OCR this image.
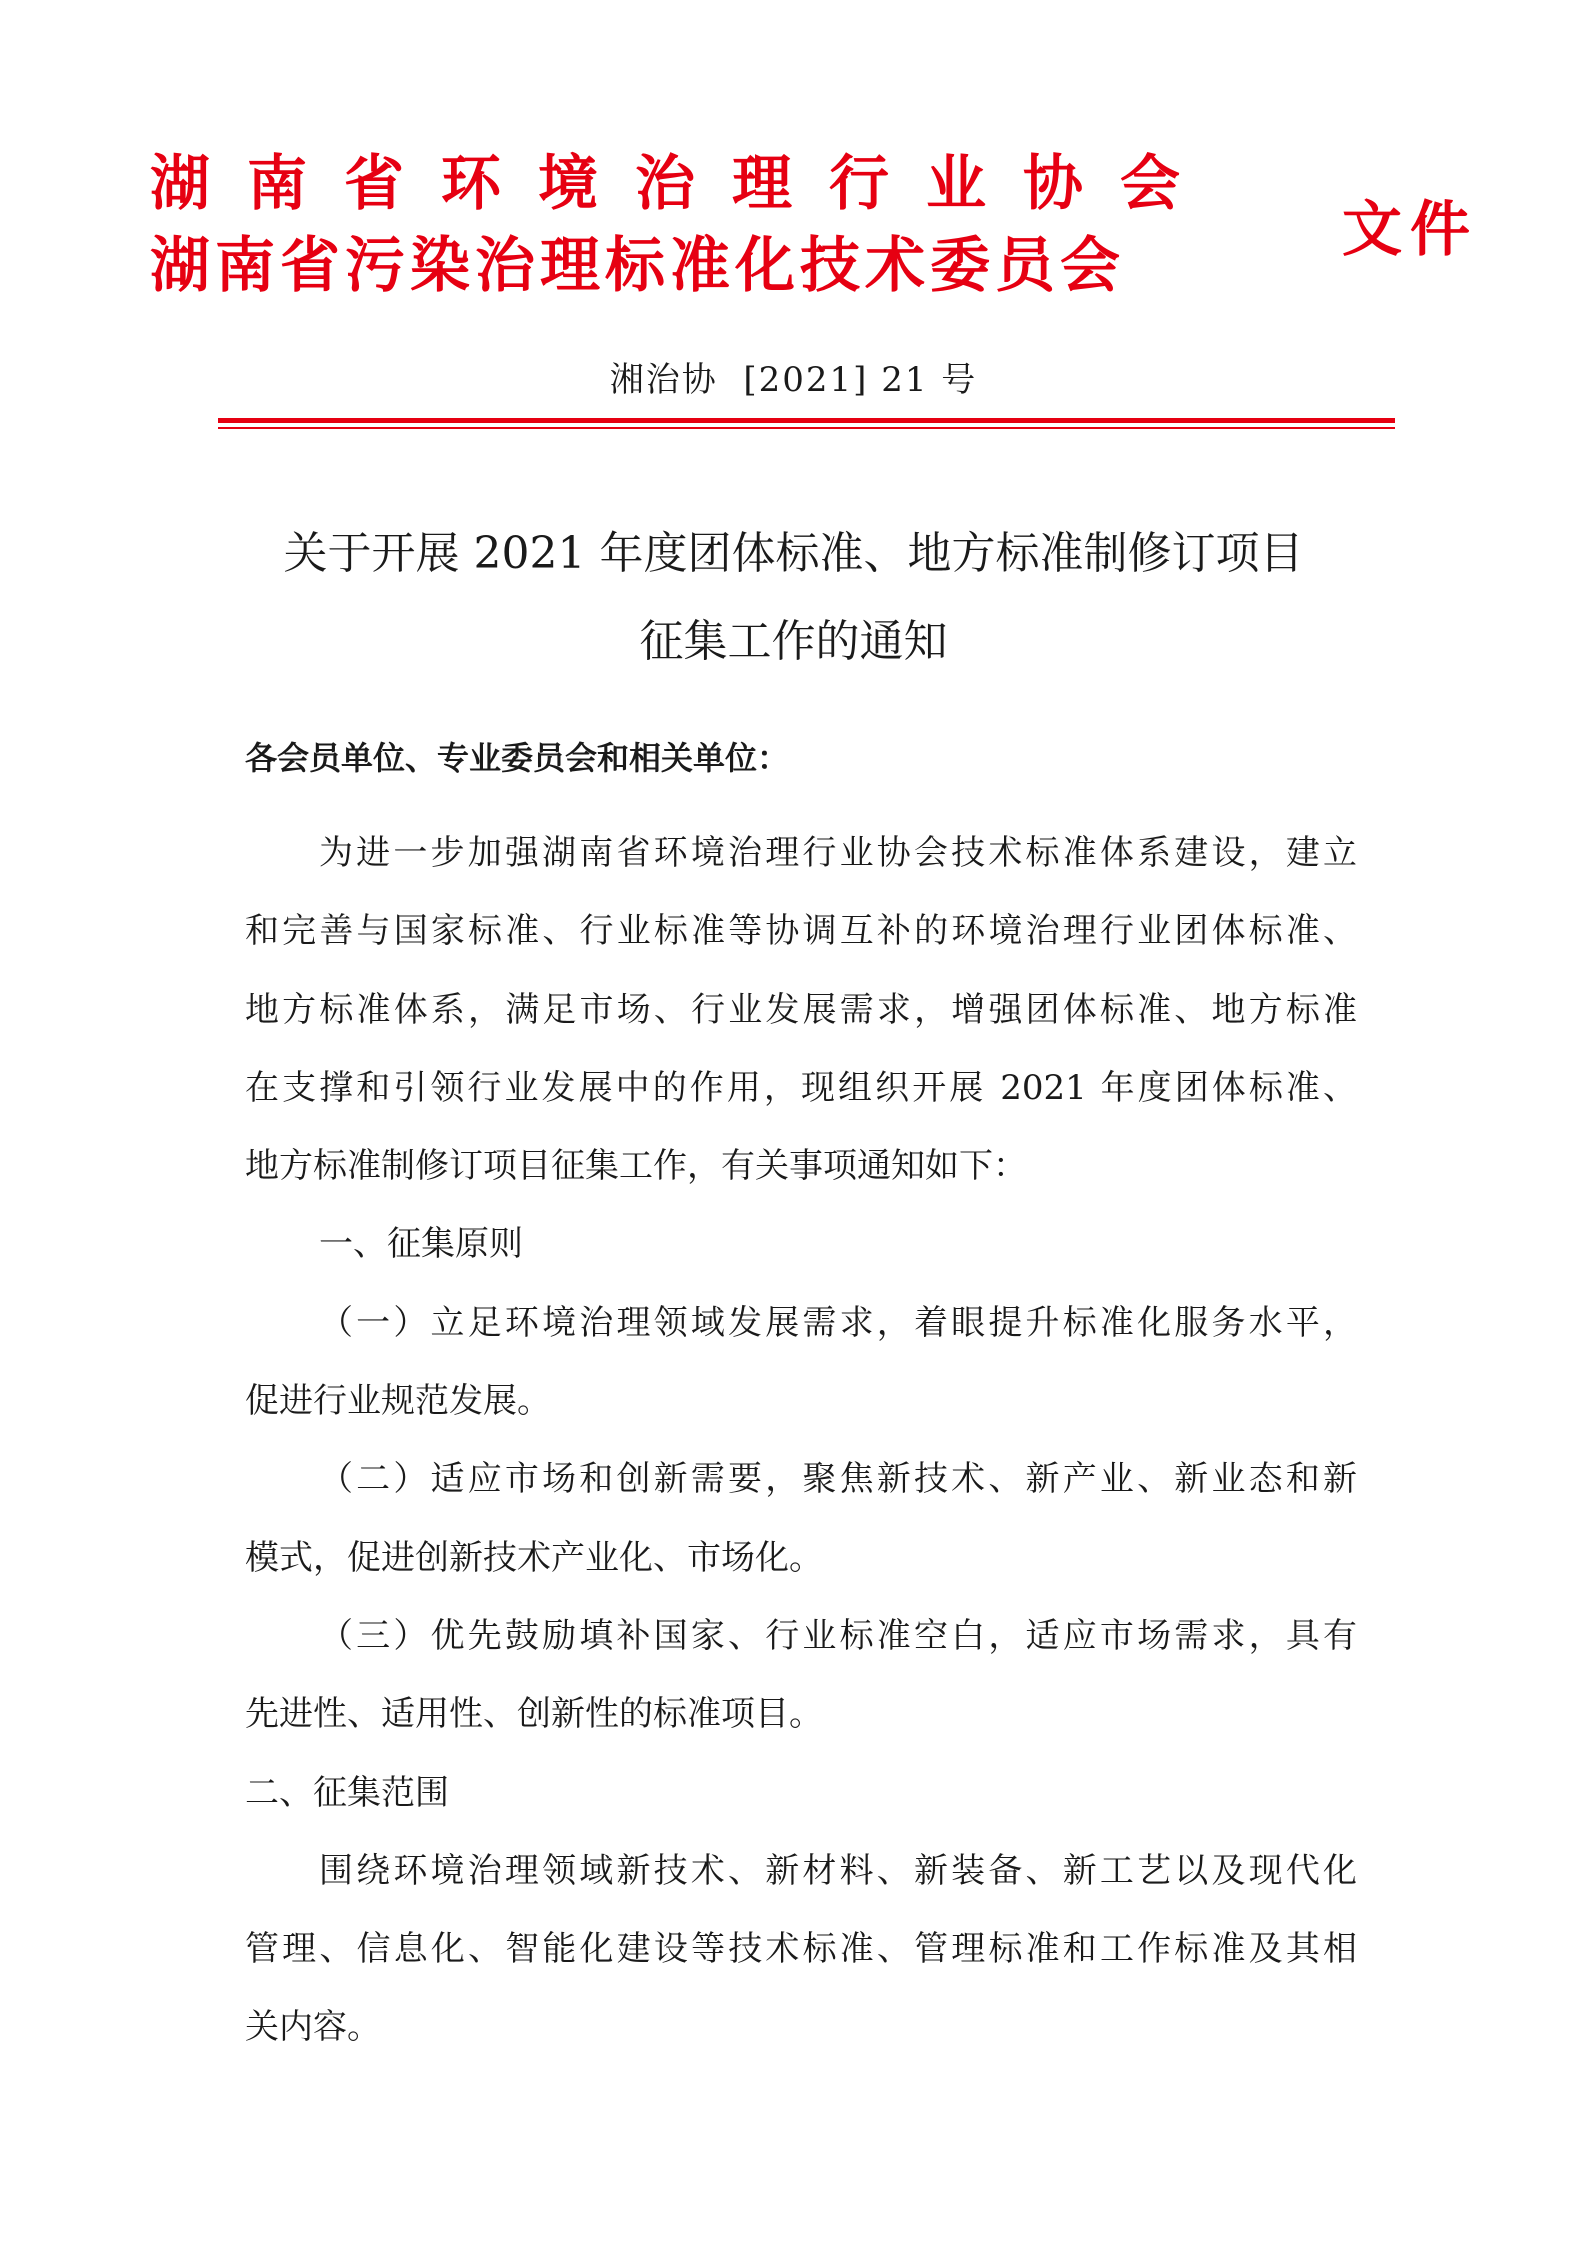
湖南省环境治理行业协会
湖南省污染治理标准化技术委员会
文件
湘治协  [2021] 21 号
关于开展 2021 年度团体标准、地方标准制修订项目
征集工作的通知
各会员单位、专业委员会和相关单位：
为进一步加强湖南省环境治理行业协会技术标准体系建设，建立
和完善与国家标准、行业标准等协调互补的环境治理行业团体标准、
地方标准体系，满足市场、行业发展需求，增强团体标准、地方标准
在支撑和引领行业发展中的作用，现组织开展 2021 年度团体标准、
地方标准制修订项目征集工作，有关事项通知如下：
一、征集原则
（一）立足环境治理领域发展需求，着眼提升标准化服务水平，
促进行业规范发展。
（二）适应市场和创新需要，聚焦新技术、新产业、新业态和新
模式，促进创新技术产业化、市场化。
（三）优先鼓励填补国家、行业标准空白，适应市场需求，具有
先进性、适用性、创新性的标准项目。
二、征集范围
围绕环境治理领域新技术、新材料、新装备、新工艺以及现代化
管理、信息化、智能化建设等技术标准、管理标准和工作标准及其相
关内容。
